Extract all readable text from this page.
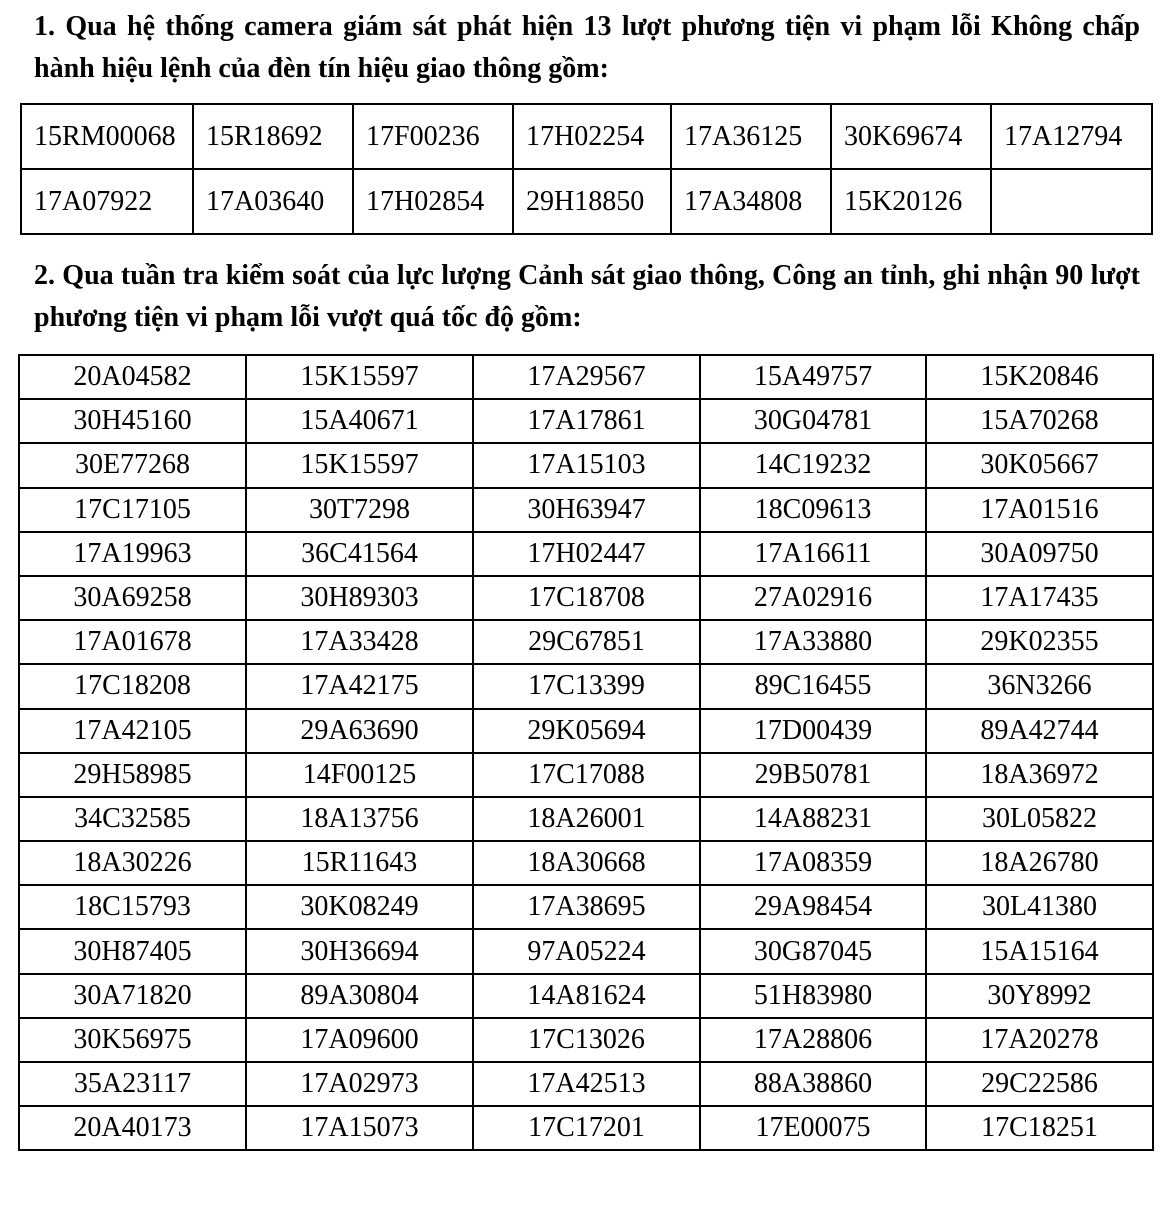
1. Qua hệ thống camera giám sát phát hiện 13 lượt phương tiện vi phạm lỗi Không chấp hành hiệu lệnh của đèn tín hiệu giao thông gồm:

15RM00068	15R18692	17F00236	17H02254	17A36125	30K69674	17A12794
17A07922	17A03640	17H02854	29H18850	17A34808	15K20126	

2. Qua tuần tra kiểm soát của lực lượng Cảnh sát giao thông, Công an tỉnh, ghi nhận 90 lượt phương tiện vi phạm lỗi vượt quá tốc độ gồm:

20A04582	15K15597	17A29567	15A49757	15K20846
30H45160	15A40671	17A17861	30G04781	15A70268
30E77268	15K15597	17A15103	14C19232	30K05667
17C17105	30T7298	30H63947	18C09613	17A01516
17A19963	36C41564	17H02447	17A16611	30A09750
30A69258	30H89303	17C18708	27A02916	17A17435
17A01678	17A33428	29C67851	17A33880	29K02355
17C18208	17A42175	17C13399	89C16455	36N3266
17A42105	29A63690	29K05694	17D00439	89A42744
29H58985	14F00125	17C17088	29B50781	18A36972
34C32585	18A13756	18A26001	14A88231	30L05822
18A30226	15R11643	18A30668	17A08359	18A26780
18C15793	30K08249	17A38695	29A98454	30L41380
30H87405	30H36694	97A05224	30G87045	15A15164
30A71820	89A30804	14A81624	51H83980	30Y8992
30K56975	17A09600	17C13026	17A28806	17A20278
35A23117	17A02973	17A42513	88A38860	29C22586
20A40173	17A15073	17C17201	17E00075	17C18251
